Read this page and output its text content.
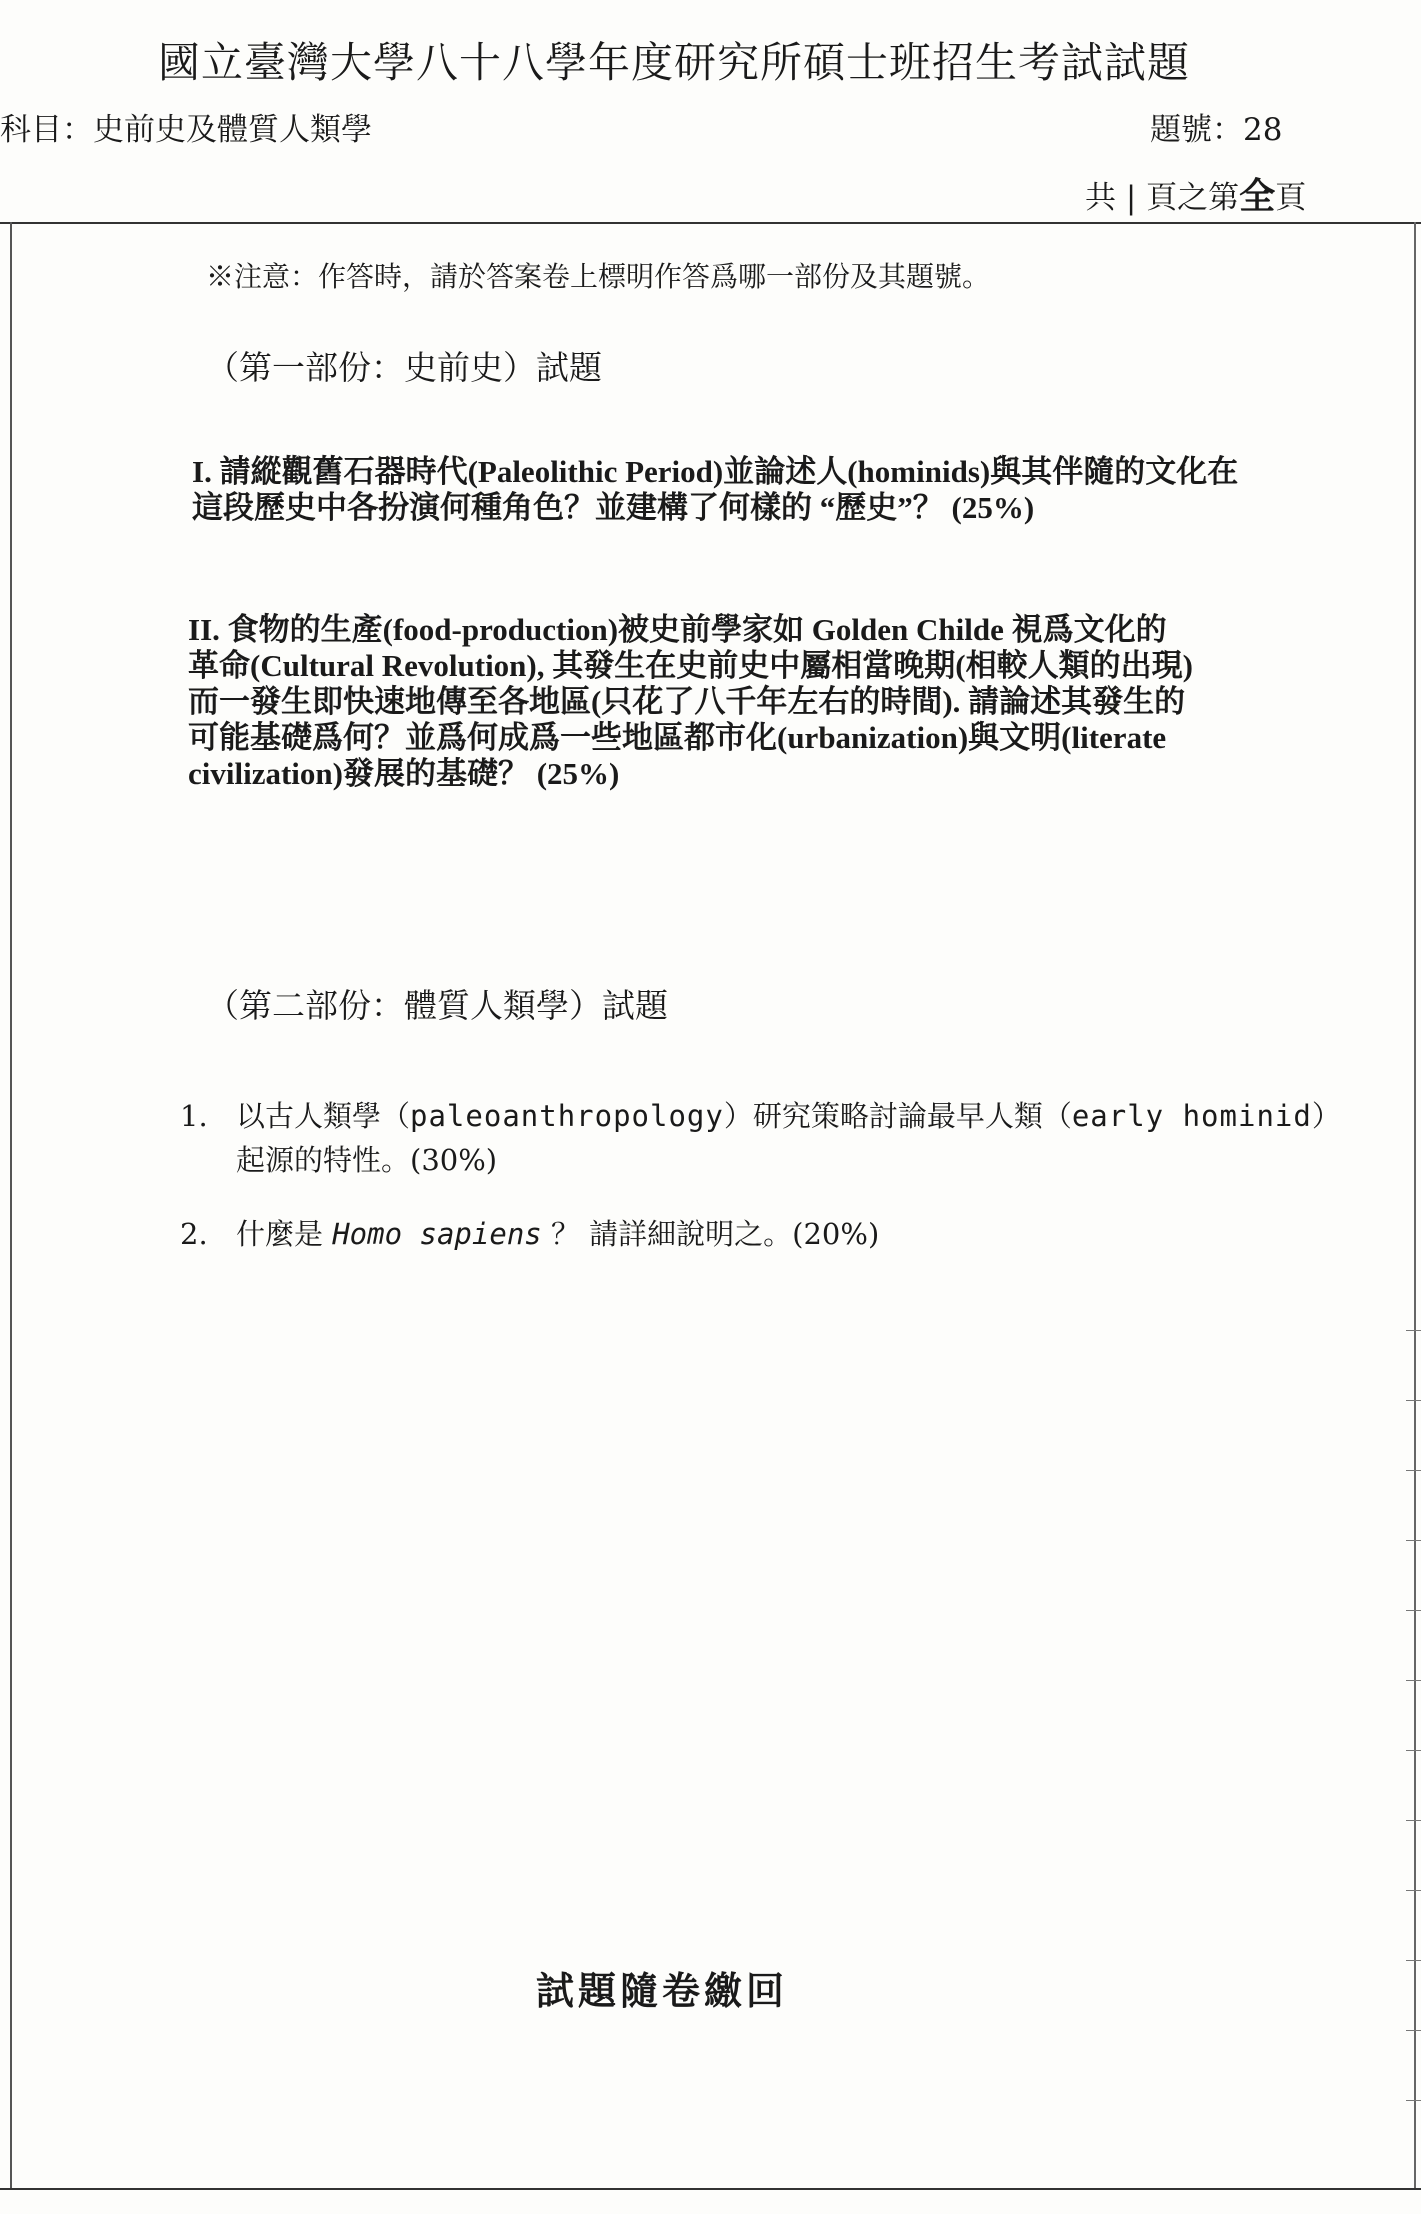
國立臺灣大學八十八學年度研究所碩士班招生考試試題
科目：史前史及體質人類學	題號：28
共 | 頁之第全頁
※注意：作答時，請於答案卷上標明作答爲哪一部份及其題號。
（第一部份：史前史）試題
I. 請縱觀舊石器時代(Paleolithic Period)並論述人(hominids)與其伴隨的文化在
這段歷史中各扮演何種角色？並建構了何樣的 “歷史”？ (25%)
II. 食物的生產(food-production)被史前學家如 Golden Childe 視爲文化的
革命(Cultural Revolution), 其發生在史前史中屬相當晚期(相較人類的出現)
而一發生即快速地傳至各地區(只花了八千年左右的時間). 請論述其發生的
可能基礎爲何？並爲何成爲一些地區都市化(urbanization)與文明(literate
civilization)發展的基礎？ (25%)
（第二部份：體質人類學）試題
1. 以古人類學（paleoanthropology）研究策略討論最早人類（early hominid）
起源的特性。(30%)
2. 什麼是 Homo sapiens ？ 請詳細說明之。(20%)
試題隨卷繳回
